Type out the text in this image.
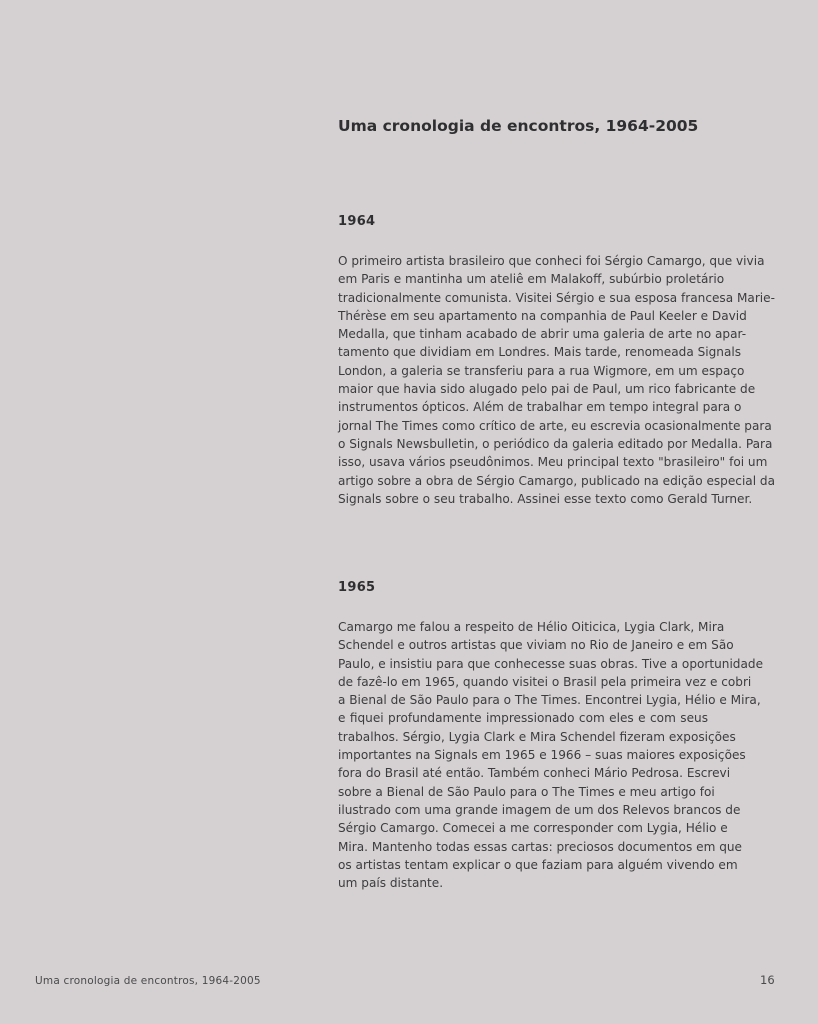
Uma cronologia de encontros, 1964-2005
1964
O primeiro artista brasileiro que conheci foi Sérgio Camargo, que vivia
em Paris e mantinha um ateliê em Malakoff, subúrbio proletário
tradicionalmente comunista. Visitei Sérgio e sua esposa francesa Marie-
Thérèse em seu apartamento na companhia de Paul Keeler e David
Medalla, que tinham acabado de abrir uma galeria de arte no apar-
tamento que dividiam em Londres. Mais tarde, renomeada Signals
London, a galeria se transferiu para a rua Wigmore, em um espaço
maior que havia sido alugado pelo pai de Paul, um rico fabricante de
instrumentos ópticos. Além de trabalhar em tempo integral para o
jornal The Times como crítico de arte, eu escrevia ocasionalmente para
o Signals Newsbulletin, o periódico da galeria editado por Medalla. Para
isso, usava vários pseudônimos. Meu principal texto "brasileiro" foi um
artigo sobre a obra de Sérgio Camargo, publicado na edição especial da
Signals sobre o seu trabalho. Assinei esse texto como Gerald Turner.
1965
Camargo me falou a respeito de Hélio Oiticica, Lygia Clark, Mira
Schendel e outros artistas que viviam no Rio de Janeiro e em São
Paulo, e insistiu para que conhecesse suas obras. Tive a oportunidade
de fazê-lo em 1965, quando visitei o Brasil pela primeira vez e cobri
a Bienal de São Paulo para o The Times. Encontrei Lygia, Hélio e Mira,
e fiquei profundamente impressionado com eles e com seus
trabalhos. Sérgio, Lygia Clark e Mira Schendel fizeram exposições
importantes na Signals em 1965 e 1966 – suas maiores exposições
fora do Brasil até então. Também conheci Mário Pedrosa. Escrevi
sobre a Bienal de São Paulo para o The Times e meu artigo foi
ilustrado com uma grande imagem de um dos Relevos brancos de
Sérgio Camargo. Comecei a me corresponder com Lygia, Hélio e
Mira. Mantenho todas essas cartas: preciosos documentos em que
os artistas tentam explicar o que faziam para alguém vivendo em
um país distante.
Uma cronologia de encontros, 1964-2005	16
